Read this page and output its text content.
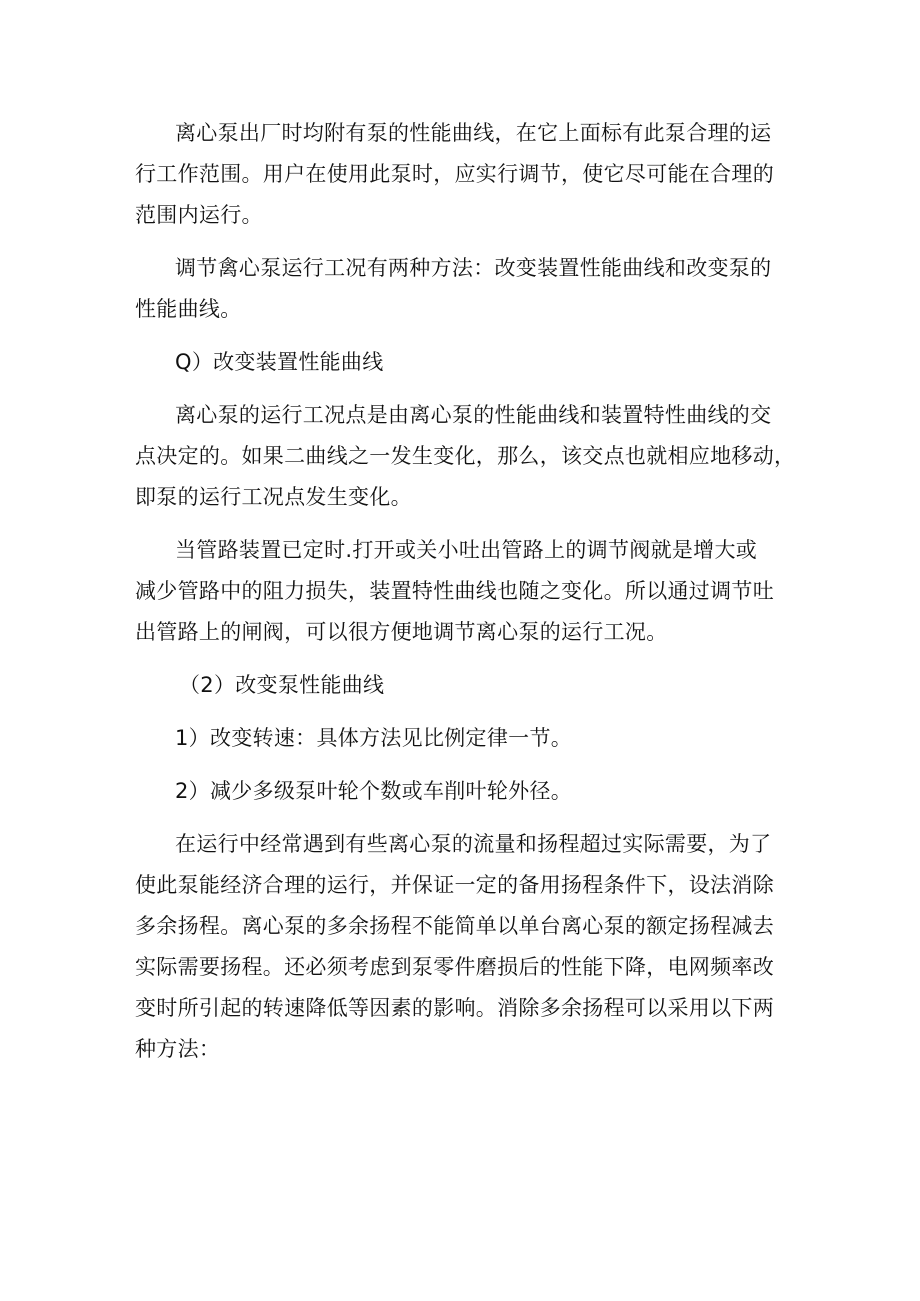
离心泵出厂时均附有泵的性能曲线，在它上面标有此泵合理的运
行工作范围。用户在使用此泵时，应实行调节，使它尽可能在合理的
范围内运行。
调节禽心泵运行工况有两种方法：改变装置性能曲线和改变泵的
性能曲线。
Q）改变装置性能曲线
离心泵的运行工况点是由离心泵的性能曲线和装置特性曲线的交
点决定的。如果二曲线之一发生变化，那么，该交点也就相应地移动，
即泵的运行工况点发生变化。
当管路装置已定时.打开或关小吐出管路上的调节阀就是增大或
减少管路中的阻力损失，装置特性曲线也随之变化。所以通过调节吐
出管路上的闸阀，可以很方便地调节离心泵的运行工况。
（2）改变泵性能曲线
1）改变转速：具体方法见比例定律一节。
2）减少多级泵叶轮个数或车削叶轮外径。
在运行中经常遇到有些离心泵的流量和扬程超过实际需要，为了
使此泵能经济合理的运行，并保证一定的备用扬程条件下，设法消除
多余扬程。离心泵的多余扬程不能简单以单台离心泵的额定扬程减去
实际需要扬程。还必须考虑到泵零件磨损后的性能下降，电网频率改
变时所引起的转速降低等因素的影响。消除多余扬程可以采用以下两
种方法：
